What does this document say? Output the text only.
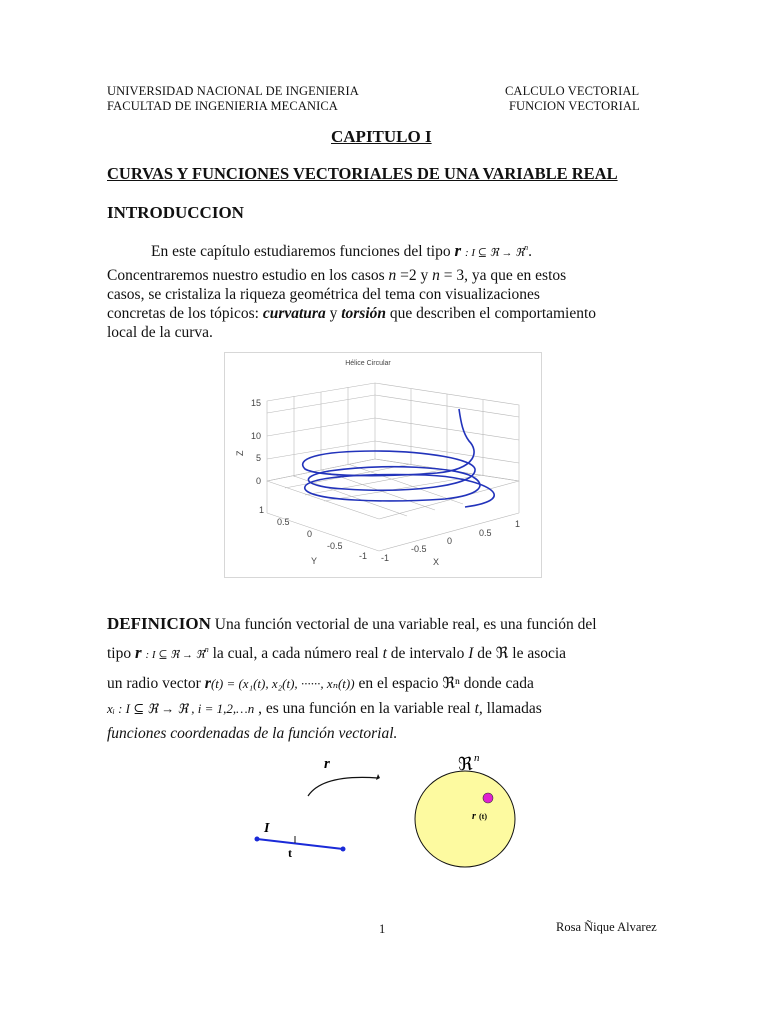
UNIVERSIDAD NACIONAL DE INGENIERIA
FACULTAD DE INGENIERIA MECANICA
CALCULO VECTORIAL
FUNCION VECTORIAL
CAPITULO I
CURVAS Y FUNCIONES VECTORIALES DE UNA VARIABLE REAL
INTRODUCCION
En este capítulo estudiaremos funciones del tipo r : I ⊆ ℜ → ℜ$^n$.
Concentraremos nuestro estudio en los casos n =2 y n = 3, ya que en estos
casos, se cristaliza la riqueza geométrica del tema con visualizaciones
concretas de los tópicos: curvatura y torsión que describen el comportamiento
local de la curva.
Hélice Circular
0
5
10
15
Z
1
0.5
0
-0.5
-1
Y	-1
-0.5
0
0.5
1
X
DEFINICION Una función vectorial de una variable real, es una función del
tipo r : I ⊆ ℜ → ℜ$^n$ la cual, a cada número real t de intervalo I de ℜ le asocia
un radio vector r(t) = (x₁(t), x₂(t), ······, xₙ(t)) en el espacio ℜⁿ donde cada
xᵢ : I ⊆ ℜ → ℜ , i = 1,2,…n , es una función en la variable real t, llamadas
funciones coordenadas de la función vectorial.
r	ℜ n
r (t)
I
t
1	Rosa Ñique Alvarez
